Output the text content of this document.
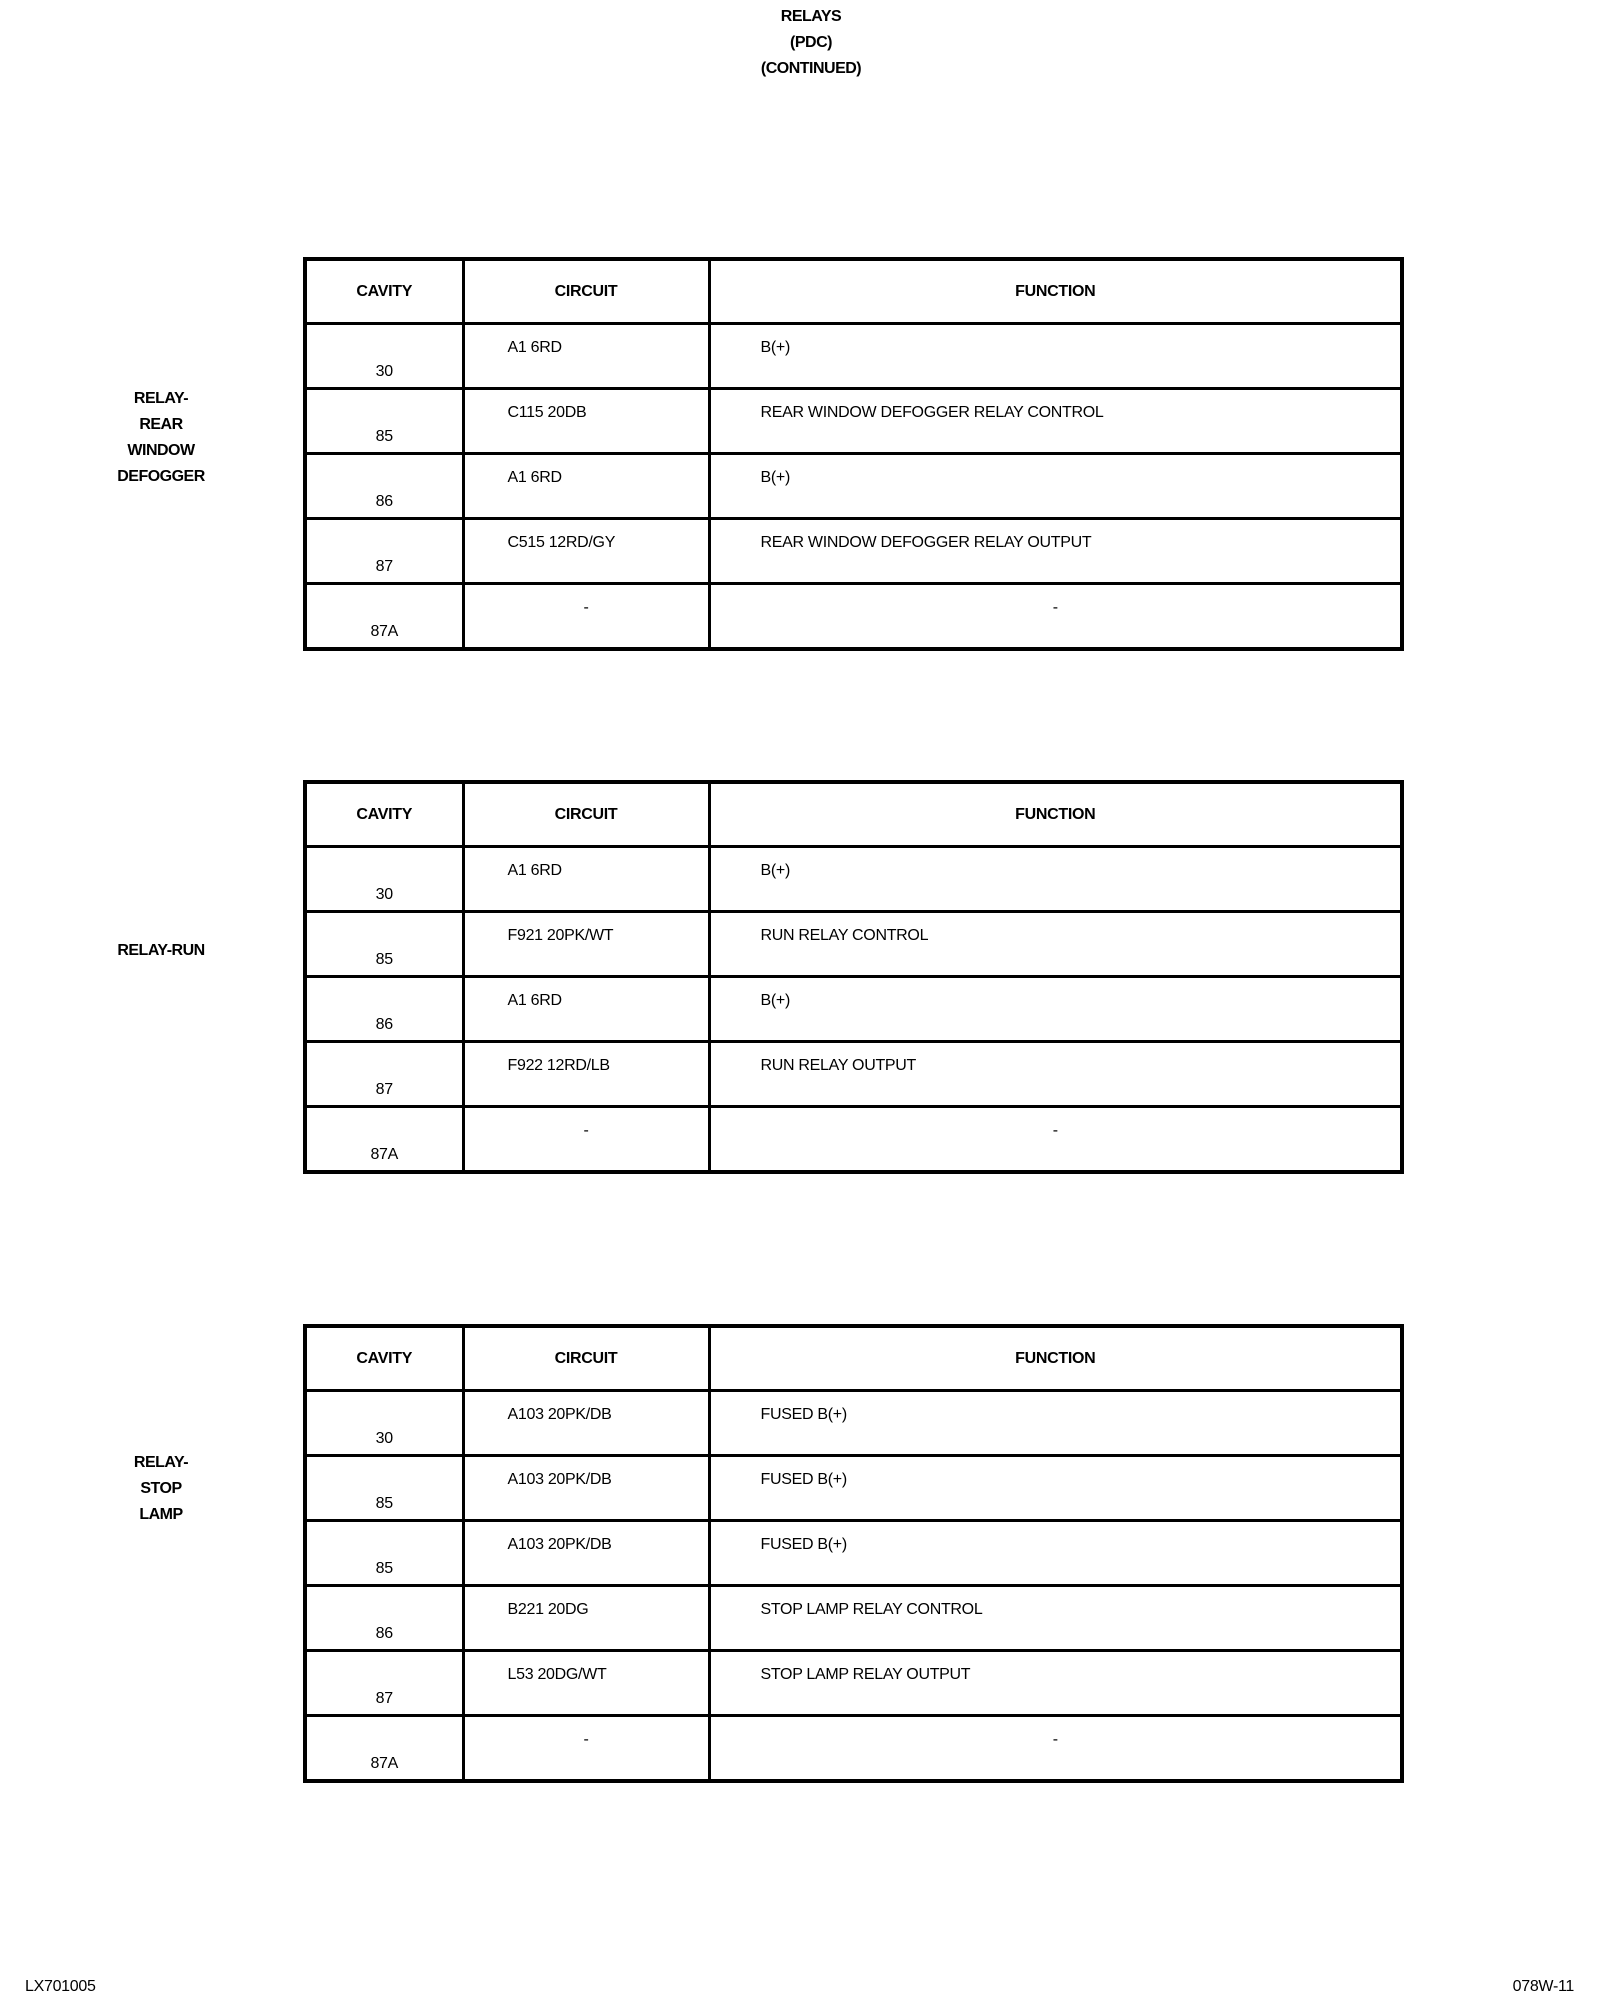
RELAYS
(PDC)
(CONTINUED)
RELAY-
REAR
WINDOW
DEFOGGER
CAVITY	CIRCUIT	FUNCTION
30	A1 6RD	B(+)
85	C115 20DB	REAR WINDOW DEFOGGER RELAY CONTROL
86	A1 6RD	B(+)
87	C515 12RD/GY	REAR WINDOW DEFOGGER RELAY OUTPUT
87A	-	-
RELAY-RUN
CAVITY	CIRCUIT	FUNCTION
30	A1 6RD	B(+)
85	F921 20PK/WT	RUN RELAY CONTROL
86	A1 6RD	B(+)
87	F922 12RD/LB	RUN RELAY OUTPUT
87A	-	-
RELAY-
STOP
LAMP
CAVITY	CIRCUIT	FUNCTION
30	A103 20PK/DB	FUSED B(+)
85	A103 20PK/DB	FUSED B(+)
85	A103 20PK/DB	FUSED B(+)
86	B221 20DG	STOP LAMP RELAY CONTROL
87	L53 20DG/WT	STOP LAMP RELAY OUTPUT
87A	-	-
LX701005	078W-11
